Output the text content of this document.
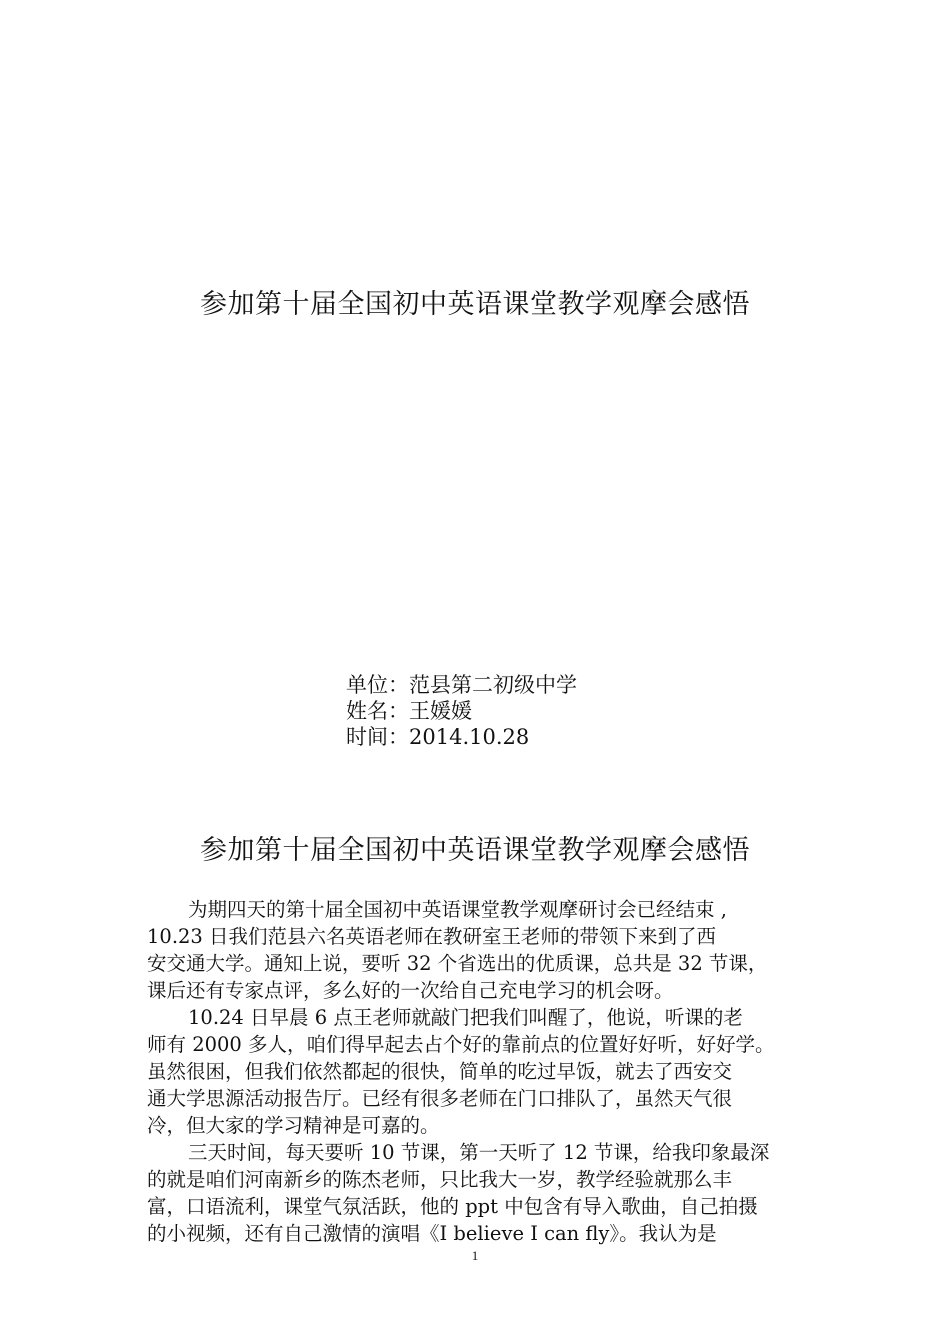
参加第十届全国初中英语课堂教学观摩会感悟
单位：范县第二初级中学
姓名：王媛媛
时间：2014.10.28
参加第十届全国初中英语课堂教学观摩会感悟
为期四天的第十届全国初中英语课堂教学观摩研讨会已经结束 ,
10.23 日我们范县六名英语老师在教研室王老师的带领下来到了西
安交通大学。通知上说，要听 32 个省选出的优质课，总共是 32 节课，
课后还有专家点评，多么好的一次给自己充电学习的机会呀。
10.24 日早晨 6 点王老师就敲门把我们叫醒了，他说，听课的老
师有 2000 多人，咱们得早起去占个好的靠前点的位置好好听，好好学。
虽然很困，但我们依然都起的很快，简单的吃过早饭，就去了西安交
通大学思源活动报告厅。已经有很多老师在门口排队了，虽然天气很
冷，但大家的学习精神是可嘉的。
三天时间，每天要听 10 节课，第一天听了 12 节课，给我印象最深
的就是咱们河南新乡的陈杰老师，只比我大一岁，教学经验就那么丰
富，口语流利，课堂气氛活跃，他的 ppt 中包含有导入歌曲，自己拍摄
的小视频，还有自己激情的演唱《I believe I can fly》。我认为是
1
